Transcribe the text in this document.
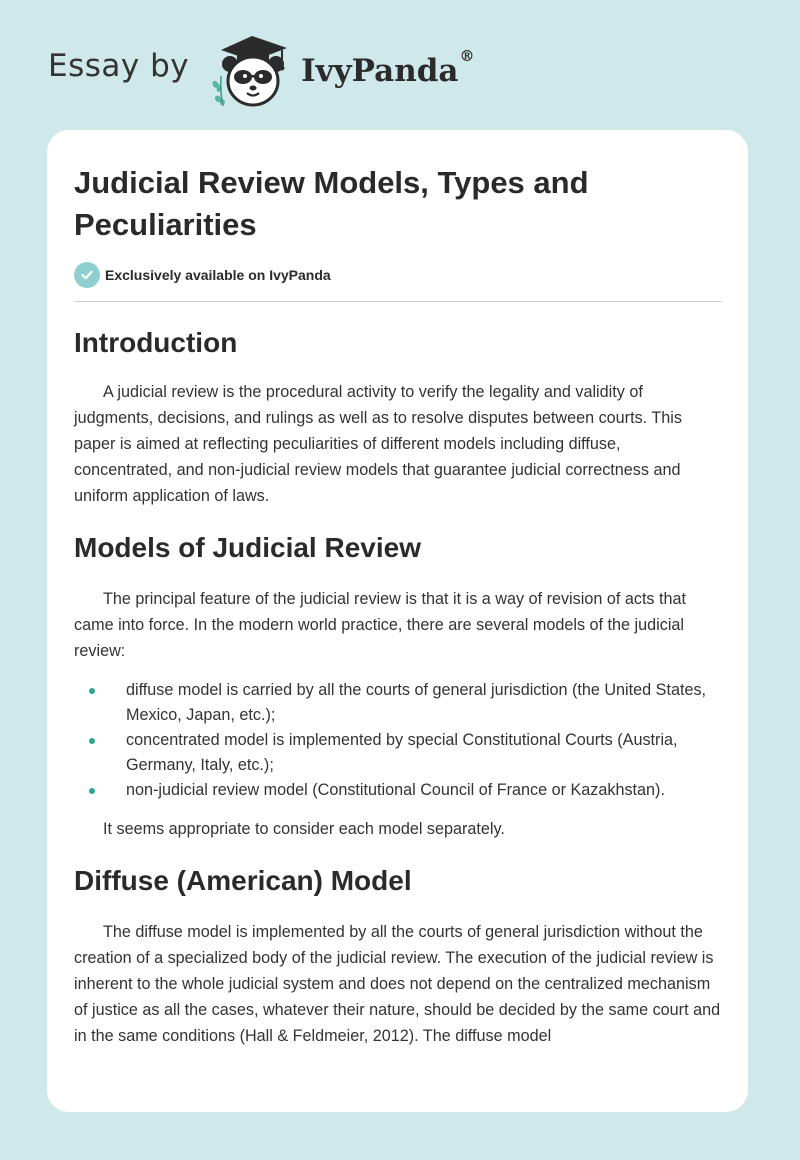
Essay by	IvyPanda®
Judicial Review Models, Types and Peculiarities
Exclusively available on IvyPanda
Introduction

A judicial review is the procedural activity to verify the legality and validity of judgments, decisions, and rulings as well as to resolve disputes between courts. This paper is aimed at reflecting peculiarities of different models including diffuse, concentrated, and non-judicial review models that guarantee judicial correctness and uniform application of laws.

Models of Judicial Review

The principal feature of the judicial review is that it is a way of revision of acts that came into force. In the modern world practice, there are several models of the judicial review:

diffuse model is carried by all the courts of general jurisdiction (the United States, Mexico, Japan, etc.);
concentrated model is implemented by special Constitutional Courts (Austria, Germany, Italy, etc.);
non-judicial review model (Constitutional Council of France or Kazakhstan).

It seems appropriate to consider each model separately.

Diffuse (American) Model

The diffuse model is implemented by all the courts of general jurisdiction without the creation of a specialized body of the judicial review. The execution of the judicial review is inherent to the whole judicial system and does not depend on the centralized mechanism of justice as all the cases, whatever their nature, should be decided by the same court and in the same conditions (Hall & Feldmeier, 2012). The diffuse model
